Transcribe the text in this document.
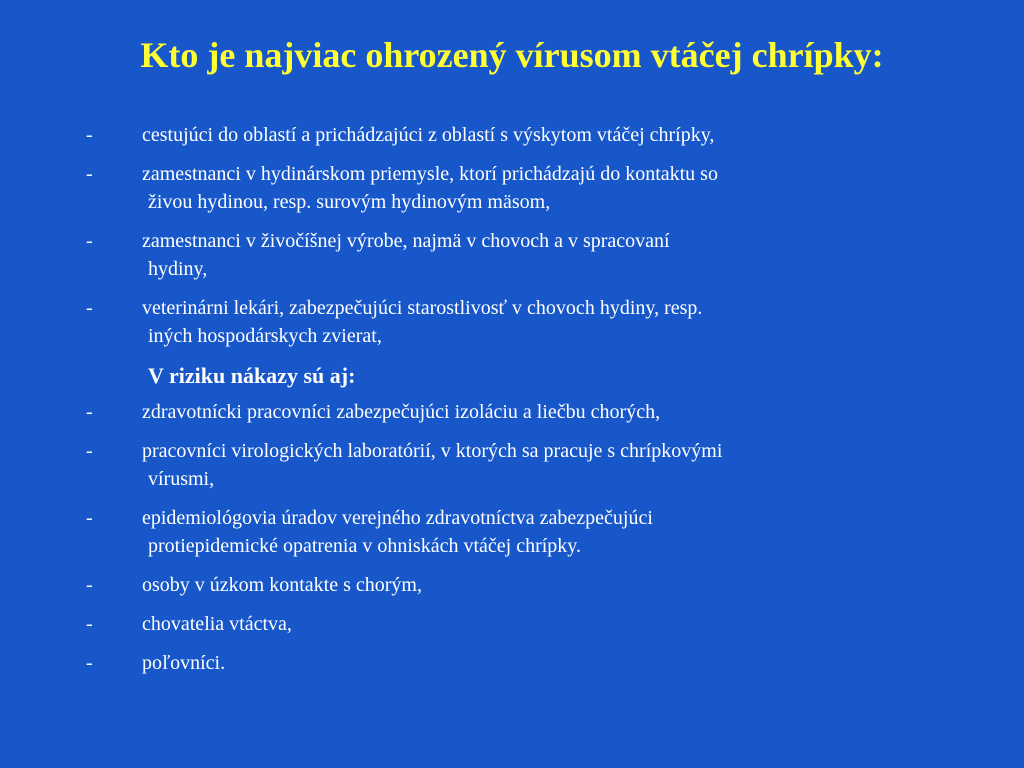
Kto je najviac ohrozený vírusom vtáčej chrípky:
- cestujúci do oblastí a prichádzajúci z oblastí s výskytom vtáčej chrípky,
- zamestnanci v hydinárskom priemysle, ktorí prichádzajú do kontaktu so
živou hydinou, resp. surovým hydinovým mäsom,
- zamestnanci v živočíšnej výrobe, najmä v chovoch a v spracovaní
hydiny,
- veterinárni lekári, zabezpečujúci starostlivosť v chovoch hydiny, resp.
iných hospodárskych zvierat,
V riziku nákazy sú aj:
- zdravotnícki pracovníci zabezpečujúci izoláciu a liečbu chorých,
- pracovníci virologických laboratórií, v ktorých sa pracuje s chrípkovými
vírusmi,
- epidemiológovia úradov verejného zdravotníctva zabezpečujúci
protiepidemické opatrenia v ohniskách vtáčej chrípky.
- osoby v úzkom kontakte s chorým,
- chovatelia vtáctva,
- poľovníci.
